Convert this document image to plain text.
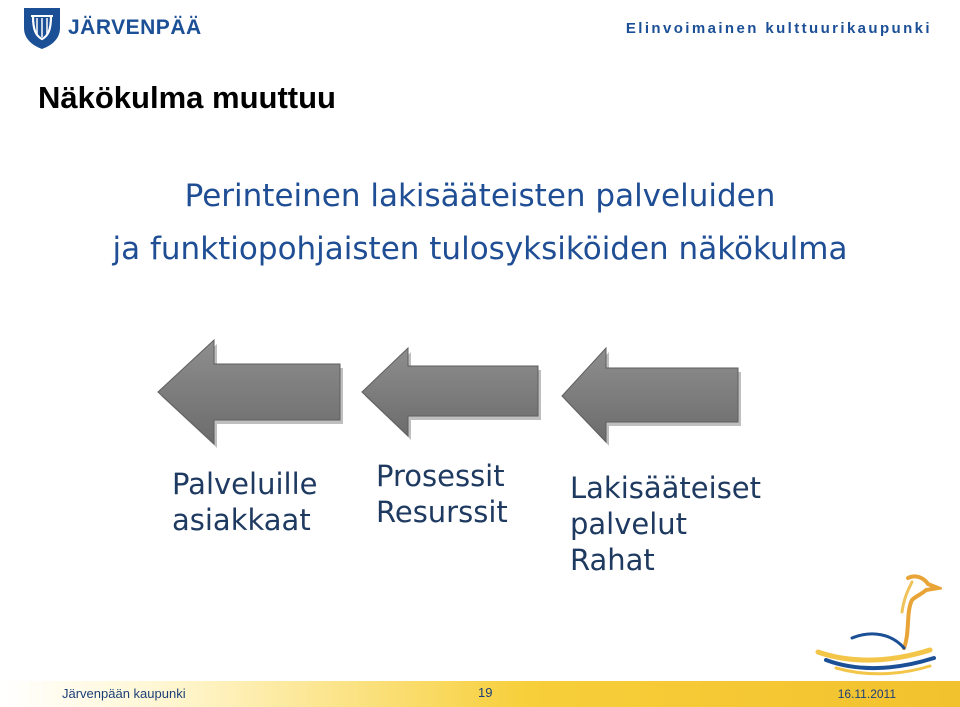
JÄRVENPÄÄ	Elinvoimainen kulttuurikaupunki
Näkökulma muuttuu
Perinteinen lakisääteisten palveluiden
ja funktiopohjaisten tulosyksiköiden näkökulma
Palveluille
asiakkaat
Prosessit
Resurssit
Lakisääteiset
palvelut
Rahat
Järvenpään kaupunki	19	16.11.2011
